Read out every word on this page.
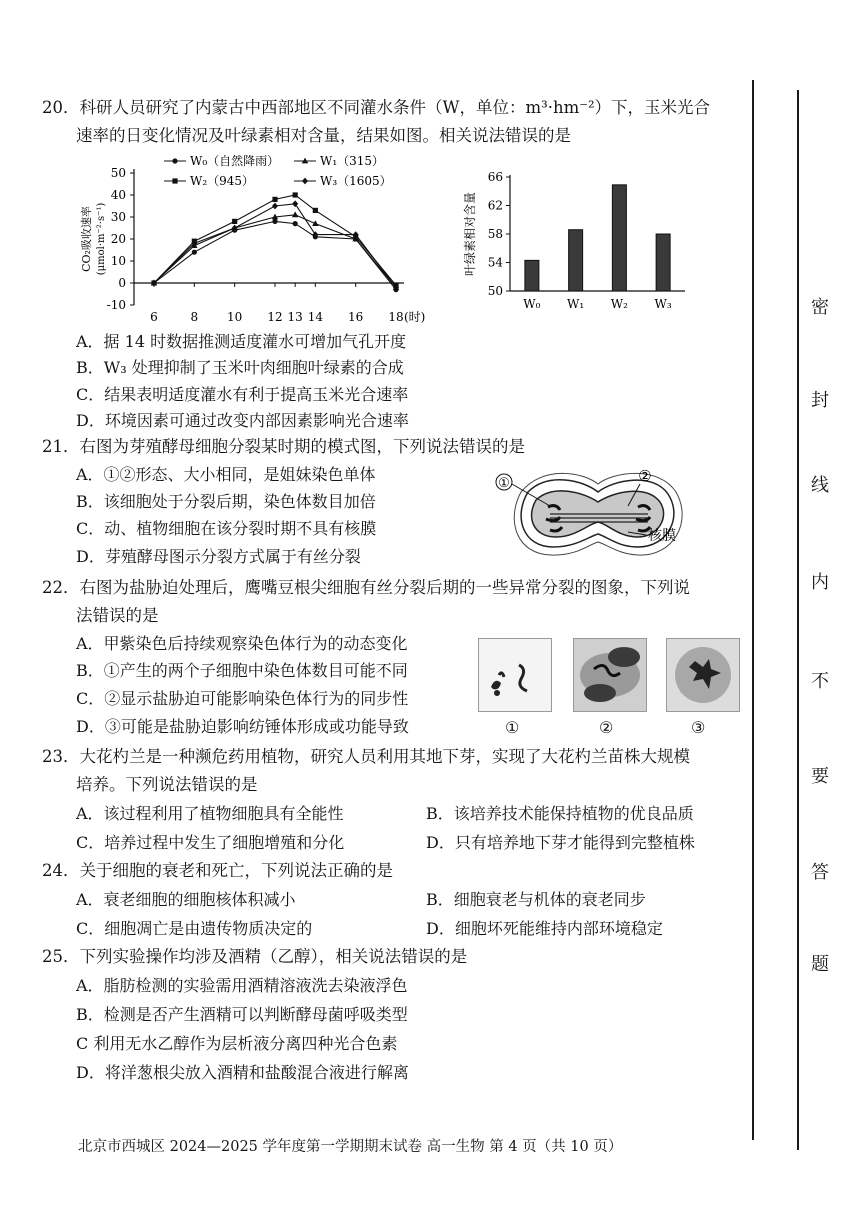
20．科研人员研究了内蒙古中西部地区不同灌水条件（W，单位：m³·hm⁻²）下，玉米光合
速率的日变化情况及叶绿素相对含量，结果如图。相关说法错误的是
-10
0
10
20
30
40
50
6	8 10 12 13 14 16 18 (时)
CO₂吸收速率 (μmol·m⁻²·s⁻¹)
W₀（自然降雨）	W₁（315）
W₂（945）	W₃（1605）
50
54
58
62
66
叶绿素相对含量
W₀ W₁ W₂ W₃
A．据 14 时数据推测适度灌水可增加气孔开度
B．W₃ 处理抑制了玉米叶肉细胞叶绿素的合成
C．结果表明适度灌水有利于提高玉米光合速率
D．环境因素可通过改变内部因素影响光合速率
21．右图为芽殖酵母细胞分裂某时期的模式图，下列说法错误的是
A．①②形态、大小相同，是姐妹染色单体
B．该细胞处于分裂后期，染色体数目加倍
C．动、植物细胞在该分裂时期不具有核膜
D．芽殖酵母图示分裂方式属于有丝分裂
①	②
核膜
22．右图为盐胁迫处理后，鹰嘴豆根尖细胞有丝分裂后期的一些异常分裂的图象，下列说
法错误的是
A．甲紫染色后持续观察染色体行为的动态变化
B．①产生的两个子细胞中染色体数目可能不同
C．②显示盐胁迫可能影响染色体行为的同步性
D．③可能是盐胁迫影响纺锤体形成或功能导致	①	②	③
23．大花杓兰是一种濒危药用植物，研究人员利用其地下芽，实现了大花杓兰苗株大规模
培养。下列说法错误的是
A．该过程利用了植物细胞具有全能性	B．该培养技术能保持植物的优良品质
C．培养过程中发生了细胞增殖和分化	D．只有培养地下芽才能得到完整植株
24．关于细胞的衰老和死亡，下列说法正确的是
A．衰老细胞的细胞核体积减小	B．细胞衰老与机体的衰老同步
C．细胞凋亡是由遗传物质决定的	D．细胞坏死能维持内部环境稳定
25．下列实验操作均涉及酒精（乙醇），相关说法错误的是
A．脂肪检测的实验需用酒精溶液洗去染液浮色
B．检测是否产生酒精可以判断酵母菌呼吸类型
C 利用无水乙醇作为层析液分离四种光合色素
D．将洋葱根尖放入酒精和盐酸混合液进行解离
北京市西城区 2024—2025 学年度第一学期期末试卷 高一生物 第 4 页（共 10 页）
密
封
线
内
不
要
答
题
